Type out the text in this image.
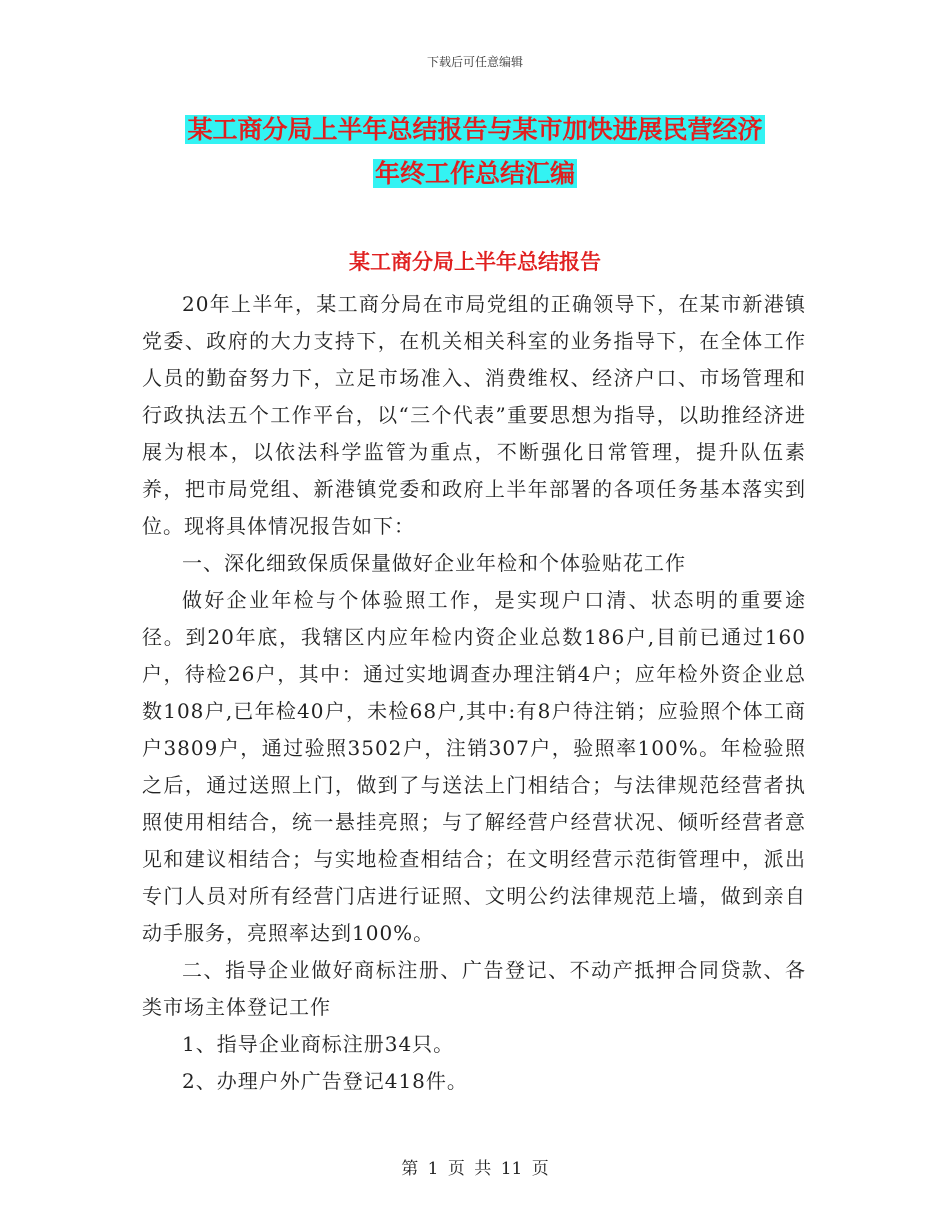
下载后可任意编辑
某工商分局上半年总结报告与某市加快进展民营经济
年终工作总结汇编
某工商分局上半年总结报告

20年上半年，某工商分局在市局党组的正确领导下，在某市新港镇党委、政府的大力支持下，在机关相关科室的业务指导下，在全体工作人员的勤奋努力下，立足市场准入、消费维权、经济户口、市场管理和行政执法五个工作平台，以“三个代表”重要思想为指导，以助推经济进展为根本，以依法科学监管为重点，不断强化日常管理，提升队伍素养，把市局党组、新港镇党委和政府上半年部署的各项任务基本落实到位。现将具体情况报告如下：

一、深化细致保质保量做好企业年检和个体验贴花工作

做好企业年检与个体验照工作，是实现户口清、状态明的重要途径。到20年底，我辖区内应年检内资企业总数186户,目前已通过160户，待检26户，其中：通过实地调查办理注销4户；应年检外资企业总数108户,已年检40户，未检68户,其中:有8户待注销；应验照个体工商户3809户，通过验照3502户，注销307户，验照率100%。年检验照之后，通过送照上门，做到了与送法上门相结合；与法律规范经营者执照使用相结合，统一悬挂亮照；与了解经营户经营状况、倾听经营者意见和建议相结合；与实地检查相结合；在文明经营示范街管理中，派出专门人员对所有经营门店进行证照、文明公约法律规范上墙，做到亲自动手服务，亮照率达到100%。

二、指导企业做好商标注册、广告登记、不动产抵押合同贷款、各类市场主体登记工作

1、指导企业商标注册34只。

2、办理户外广告登记418件。

第 1 页 共 11 页
